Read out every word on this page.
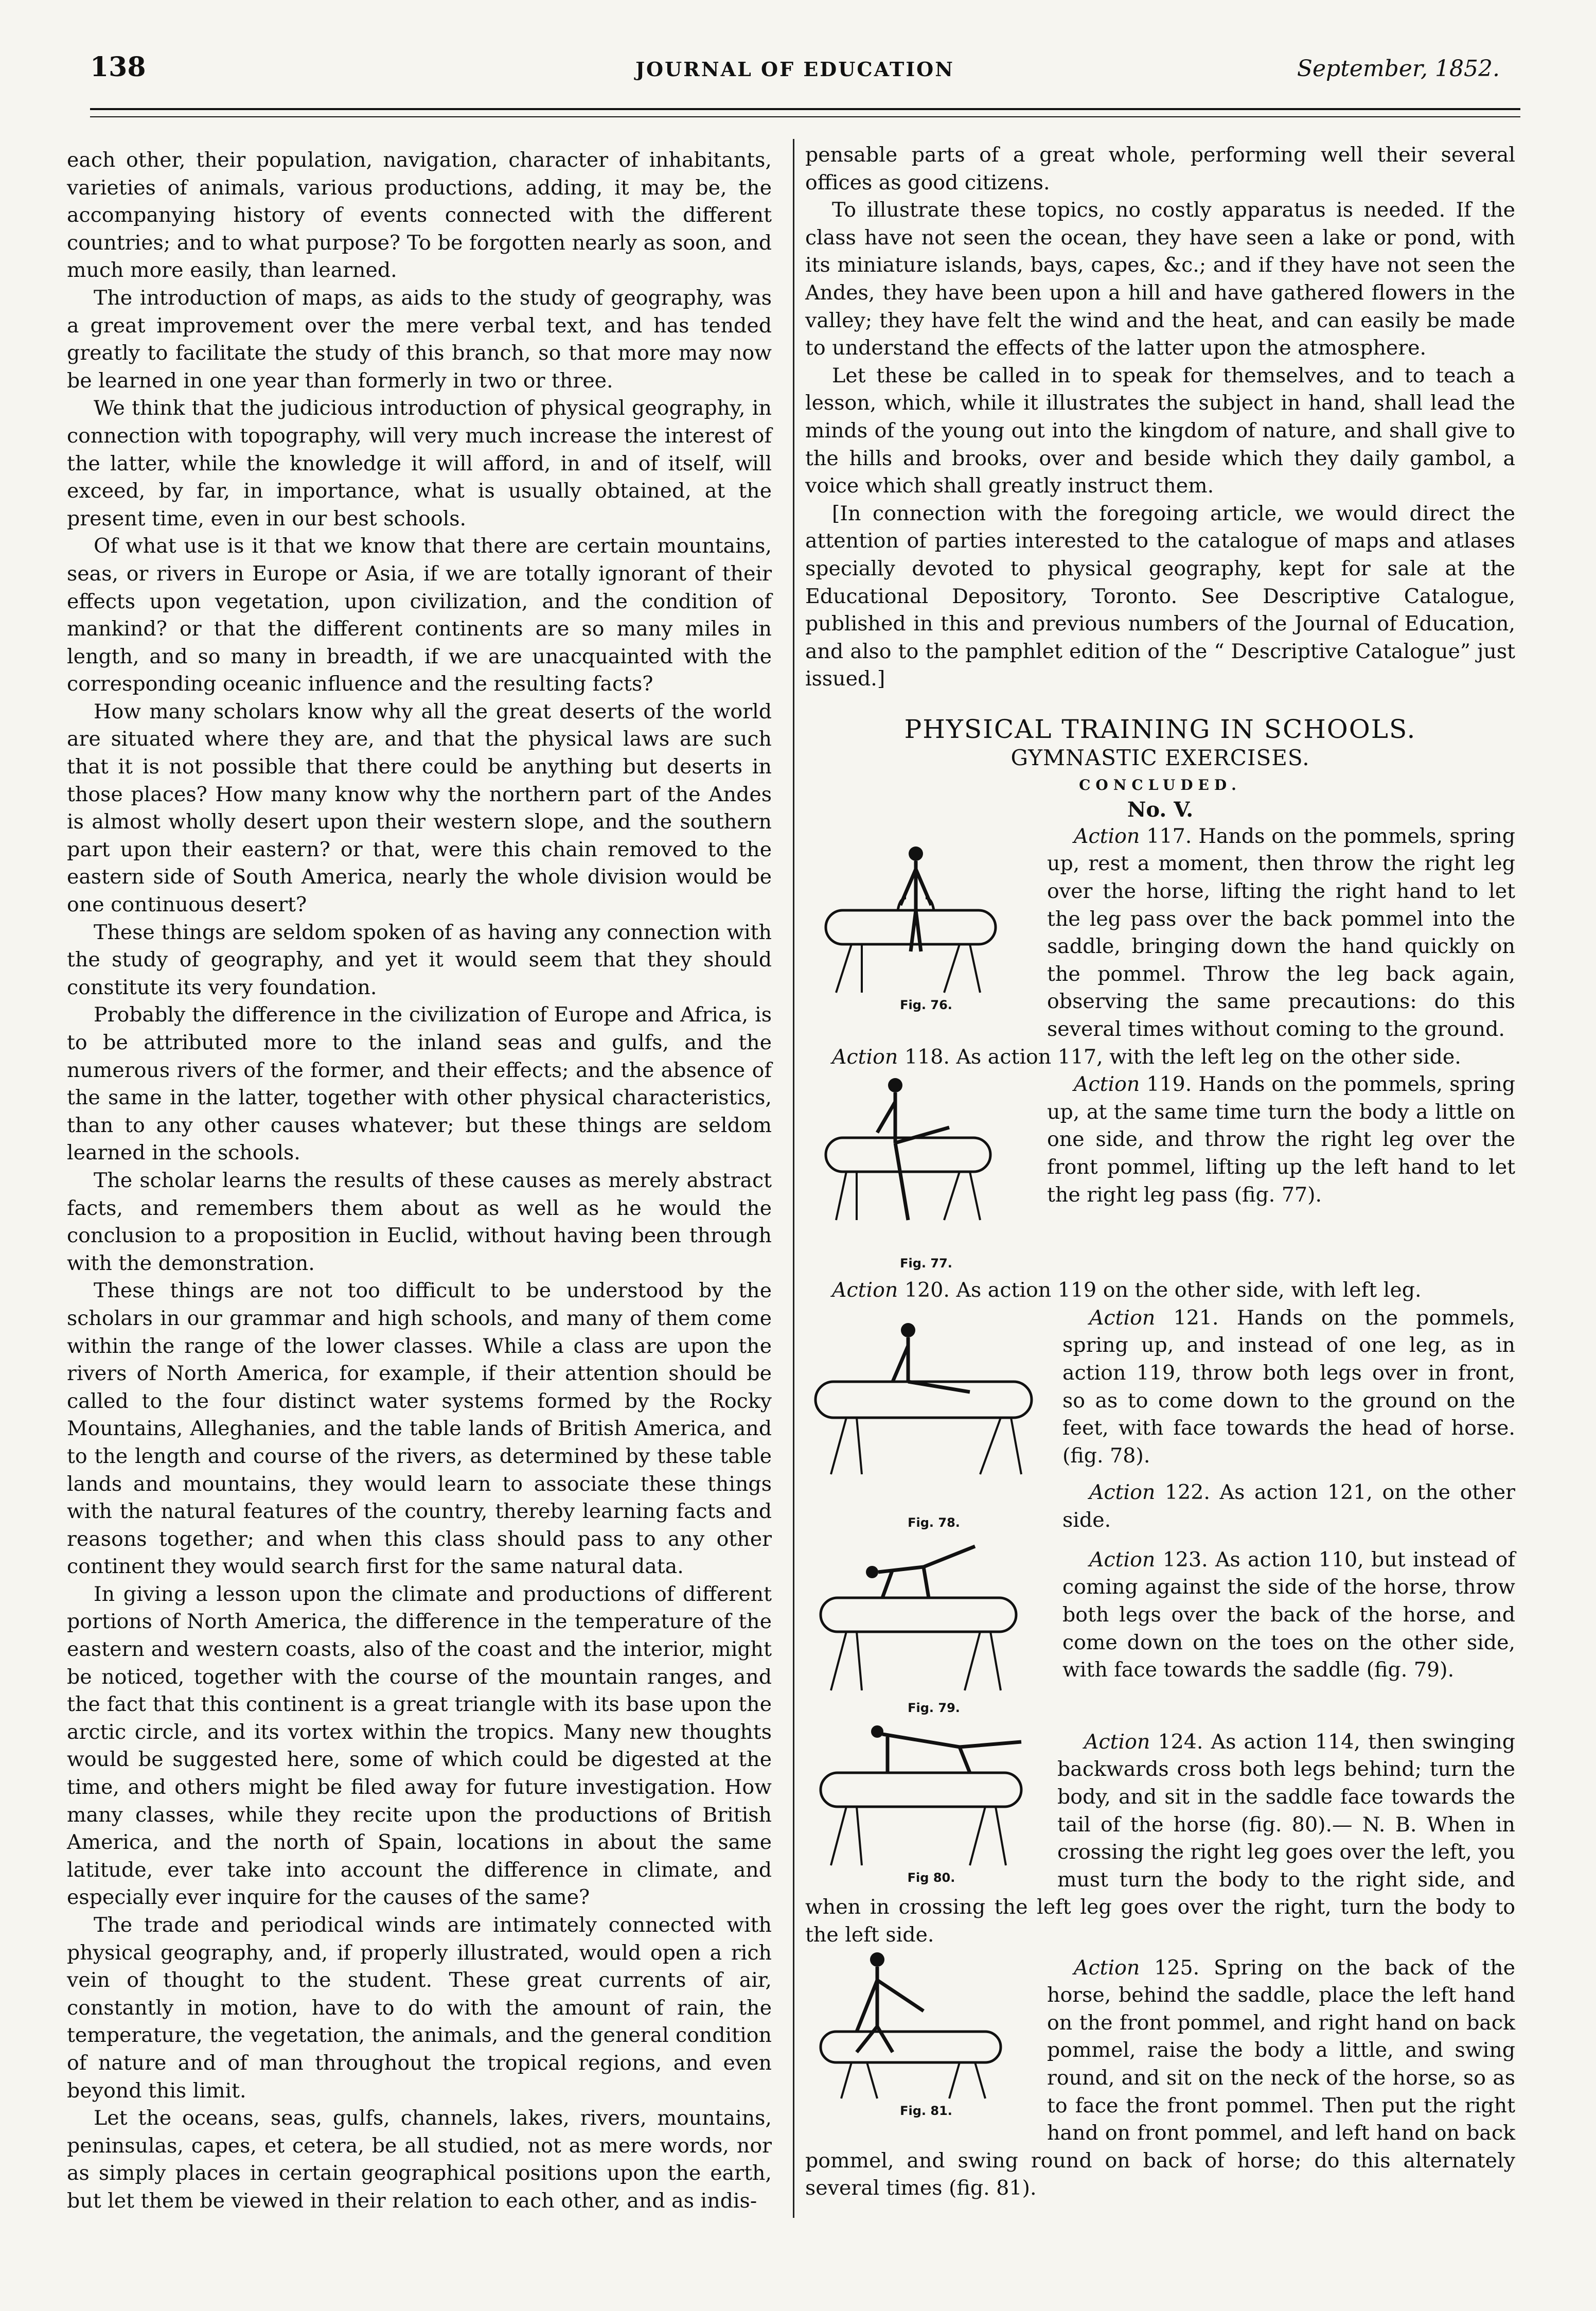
138	JOURNAL OF EDUCATION	September, 1852.

each other, their population, navigation, character of inhabitants, varieties of animals, various productions, adding, it may be, the accompanying history of events connected with the different countries; and to what purpose? To be forgotten nearly as soon, and much more easily, than learned.

The introduction of maps, as aids to the study of geography, was a great improvement over the mere verbal text, and has tended greatly to facilitate the study of this branch, so that more may now be learned in one year than formerly in two or three.

We think that the judicious introduction of physical geography, in connection with topography, will very much increase the interest of the latter, while the knowledge it will afford, in and of itself, will exceed, by far, in importance, what is usually obtained, at the present time, even in our best schools.

Of what use is it that we know that there are certain mountains, seas, or rivers in Europe or Asia, if we are totally ignorant of their effects upon vegetation, upon civilization, and the condition of mankind? or that the different continents are so many miles in length, and so many in breadth, if we are unacquainted with the corresponding oceanic influence and the resulting facts?

How many scholars know why all the great deserts of the world are situated where they are, and that the physical laws are such that it is not possible that there could be anything but deserts in those places? How many know why the northern part of the Andes is almost wholly desert upon their western slope, and the southern part upon their eastern? or that, were this chain removed to the eastern side of South America, nearly the whole division would be one continuous desert?

These things are seldom spoken of as having any connection with the study of geography, and yet it would seem that they should constitute its very foundation.

Probably the difference in the civilization of Europe and Africa, is to be attributed more to the inland seas and gulfs, and the numerous rivers of the former, and their effects; and the absence of the same in the latter, together with other physical characteristics, than to any other causes whatever; but these things are seldom learned in the schools.

The scholar learns the results of these causes as merely abstract facts, and remembers them about as well as he would the conclusion to a proposition in Euclid, without having been through with the demonstration.

These things are not too difficult to be understood by the scholars in our grammar and high schools, and many of them come within the range of the lower classes. While a class are upon the rivers of North America, for example, if their attention should be called to the four distinct water systems formed by the Rocky Mountains, Alleghanies, and the table lands of British America, and to the length and course of the rivers, as determined by these table lands and mountains, they would learn to associate these things with the natural features of the country, thereby learning facts and reasons together; and when this class should pass to any other continent they would search first for the same natural data.

In giving a lesson upon the climate and productions of different portions of North America, the difference in the temperature of the eastern and western coasts, also of the coast and the interior, might be noticed, together with the course of the mountain ranges, and the fact that this continent is a great triangle with its base upon the arctic circle, and its vortex within the tropics. Many new thoughts would be suggested here, some of which could be digested at the time, and others might be filed away for future investigation. How many classes, while they recite upon the productions of British America, and the north of Spain, locations in about the same latitude, ever take into account the difference in climate, and especially ever inquire for the causes of the same?

The trade and periodical winds are intimately connected with physical geography, and, if properly illustrated, would open a rich vein of thought to the student. These great currents of air, constantly in motion, have to do with the amount of rain, the temperature, the vegetation, the animals, and the general condition of nature and of man throughout the tropical regions, and even beyond this limit.

Let the oceans, seas, gulfs, channels, lakes, rivers, mountains, peninsulas, capes, et cetera, be all studied, not as mere words, nor as simply places in certain geographical positions upon the earth, but let them be viewed in their relation to each other, and as indis-

pensable parts of a great whole, performing well their several offices as good citizens.

To illustrate these topics, no costly apparatus is needed. If the class have not seen the ocean, they have seen a lake or pond, with its miniature islands, bays, capes, &c.; and if they have not seen the Andes, they have been upon a hill and have gathered flowers in the valley; they have felt the wind and the heat, and can easily be made to understand the effects of the latter upon the atmosphere.

Let these be called in to speak for themselves, and to teach a lesson, which, while it illustrates the subject in hand, shall lead the minds of the young out into the kingdom of nature, and shall give to the hills and brooks, over and beside which they daily gambol, a voice which shall greatly instruct them.

[In connection with the foregoing article, we would direct the attention of parties interested to the catalogue of maps and atlases specially devoted to physical geography, kept for sale at the Educational Depository, Toronto. See Descriptive Catalogue, published in this and previous numbers of the Journal of Education, and also to the pamphlet edition of the “ Descriptive Catalogue” just issued.]

PHYSICAL TRAINING IN SCHOOLS.
GYMNASTIC EXERCISES.
CONCLUDED.
No. V.
Fig. 76.

Action 117. Hands on the pommels, spring up, rest a moment, then throw the right leg over the horse, lifting the right hand to let the leg pass over the back pommel into the saddle, bringing down the hand quickly on the pommel. Throw the leg back again, observing the same precautions: do this several times without coming to the ground.

Action 118. As action 117, with the left leg on the other side.

Fig. 77.

Action 119. Hands on the pommels, spring up, at the same time turn the body a little on one side, and throw the right leg over the front pommel, lifting up the left hand to let the right leg pass (fig. 77).

Action 120. As action 119 on the other side, with left leg.

Fig. 78.

Action 121. Hands on the pommels, spring up, and instead of one leg, as in action 119, throw both legs over in front, so as to come down to the ground on the feet, with face towards the head of horse. (fig. 78).

Action 122. As action 121, on the other side.

Fig. 79.

Action 123. As action 110, but instead of coming against the side of the horse, throw both legs over the back of the horse, and come down on the toes on the other side, with face towards the saddle (fig. 79).

Fig 80.

Action 124. As action 114, then swinging backwards cross both legs behind; turn the body, and sit in the saddle face towards the tail of the horse (fig. 80).— N. B. When in crossing the right leg goes over the left, you must turn the body to the right side, and when in crossing the left leg goes over the right, turn the body to the left side.

Fig. 81.

Action 125. Spring on the back of the horse, behind the saddle, place the left hand on the front pommel, and right hand on back pommel, raise the body a little, and swing round, and sit on the neck of the horse, so as to face the front pommel. Then put the right hand on front pommel, and left hand on back pommel, and swing round on back of horse; do this alternately several times (fig. 81).
